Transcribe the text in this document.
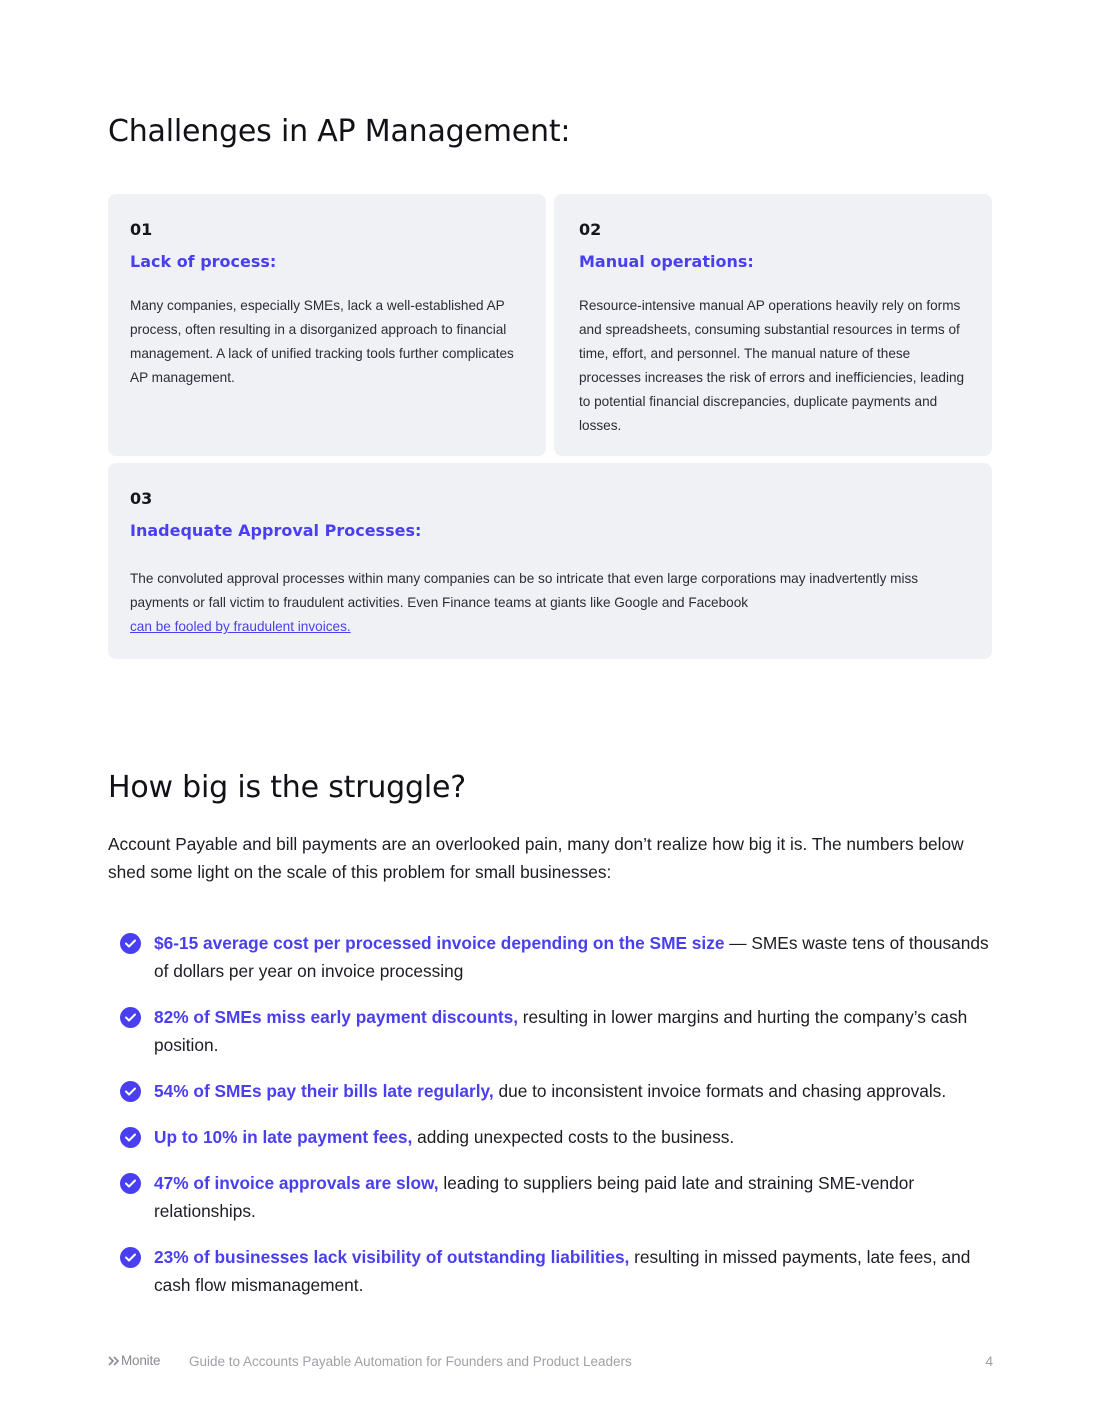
Challenges in AP Management:
01
Lack of process:

Many companies, especially SMEs, lack a well-established AP process, often resulting in a disorganized approach to financial management. A lack of unified tracking tools further complicates AP management.

02
Manual operations:

Resource-intensive manual AP operations heavily rely on forms and spreadsheets, consuming substantial resources in terms of time, effort, and personnel. The manual nature of these processes increases the risk of errors and inefficiencies, leading to potential financial discrepancies, duplicate payments and losses.

03
Inadequate Approval Processes:

The convoluted approval processes within many companies can be so intricate that even large corporations may inadvertently miss payments or fall victim to fraudulent activities. Even Finance teams at giants like Google and Facebook
can be fooled by fraudulent invoices.

How big is the struggle?

Account Payable and bill payments are an overlooked pain, many don’t realize how big it is. The numbers below shed some light on the scale of this problem for small businesses:

$6-15 average cost per processed invoice depending on the SME size — SMEs waste tens of thousands of dollars per year on invoice processing
82% of SMEs miss early payment discounts, resulting in lower margins and hurting the company’s cash position.
54% of SMEs pay their bills late regularly, due to inconsistent invoice formats and chasing approvals.
Up to 10% in late payment fees, adding unexpected costs to the business.
47% of invoice approvals are slow, leading to suppliers being paid late and straining SME-vendor relationships.
23% of businesses lack visibility of outstanding liabilities, resulting in missed payments, late fees, and cash flow mismanagement.
Monite Guide to Accounts Payable Automation for Founders and Product Leaders	4
